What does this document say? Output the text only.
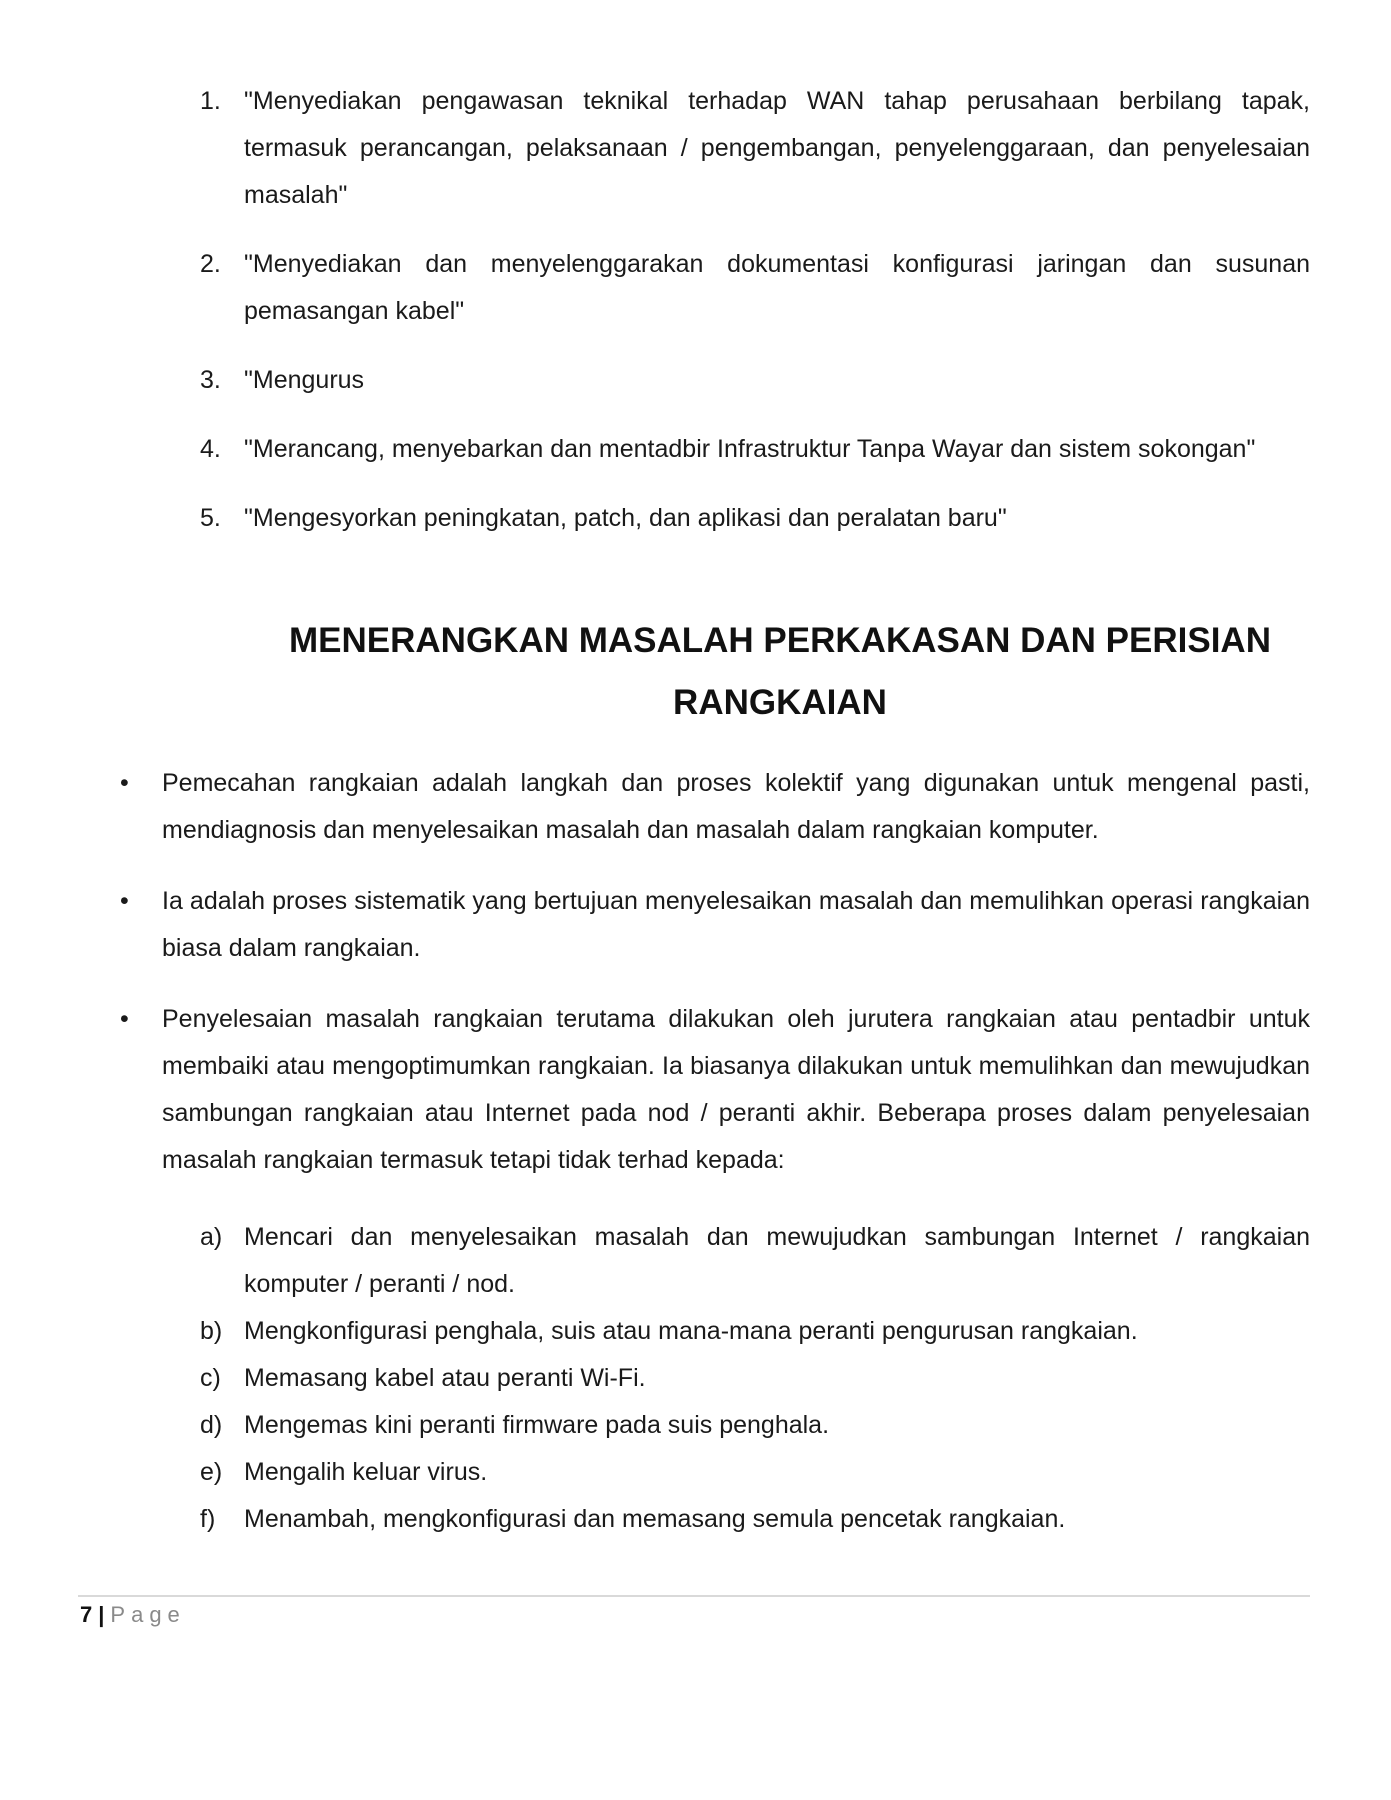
1. "Menyediakan pengawasan teknikal terhadap WAN tahap perusahaan berbilang tapak, termasuk perancangan, pelaksanaan / pengembangan, penyelenggaraan, dan penyelesaian masalah"
2. "Menyediakan dan menyelenggarakan dokumentasi konfigurasi jaringan dan susunan pemasangan kabel"
3. "Mengurus
4. "Merancang, menyebarkan dan mentadbir Infrastruktur Tanpa Wayar dan sistem sokongan"
5. "Mengesyorkan peningkatan, patch, dan aplikasi dan peralatan baru"
MENERANGKAN MASALAH PERKAKASAN DAN PERISIAN
RANGKAIAN
•	Pemecahan rangkaian adalah langkah dan proses kolektif yang digunakan untuk mengenal pasti, mendiagnosis dan menyelesaikan masalah dan masalah dalam rangkaian komputer.
•	Ia adalah proses sistematik yang bertujuan menyelesaikan masalah dan memulihkan operasi rangkaian biasa dalam rangkaian.
•	Penyelesaian masalah rangkaian terutama dilakukan oleh jurutera rangkaian atau pentadbir untuk membaiki atau mengoptimumkan rangkaian. Ia biasanya dilakukan untuk memulihkan dan mewujudkan sambungan rangkaian atau Internet pada nod / peranti akhir. Beberapa proses dalam penyelesaian masalah rangkaian termasuk tetapi tidak terhad kepada:
a) Mencari dan menyelesaikan masalah dan mewujudkan sambungan Internet / rangkaian komputer / peranti / nod.
b) Mengkonfigurasi penghala, suis atau mana-mana peranti pengurusan rangkaian.
c) Memasang kabel atau peranti Wi-Fi.
d) Mengemas kini peranti firmware pada suis penghala.
e) Mengalih keluar virus.
f)	Menambah, mengkonfigurasi dan memasang semula pencetak rangkaian.
7 | Page
